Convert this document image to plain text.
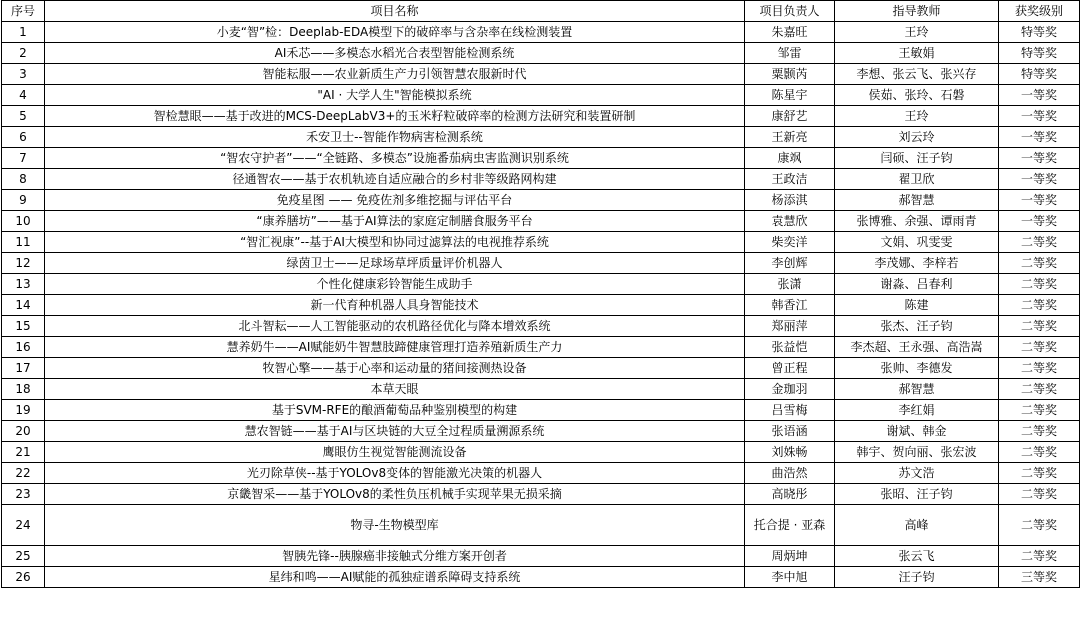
序号	项目名称	项目负责人	指导教师	获奖级别
1	小麦“智”检：Deeplab-EDA模型下的破碎率与含杂率在线检测装置	朱嘉旺	王玲	特等奖
2	AI禾芯——多模态水稻光合表型智能检测系统	邹雷	王敏娟	特等奖
3	智能耘服——农业新质生产力引领智慧农服新时代	粟颢芮	李想、张云飞、张兴存	特等奖
4	"AI · 大学人生"智能模拟系统	陈星宇	侯茹、张玲、石磐	一等奖
5	智检慧眼——基于改进的MCS-DeepLabV3+的玉米籽粒破碎率的检测方法研究和装置研制	康舒艺	王玲	一等奖
6	禾安卫士--智能作物病害检测系统	王新亮	刘云玲	一等奖
7	“智农守护者”——“全链路、多模态”设施番茄病虫害监测识别系统	康飒	闫硕、汪子钧	一等奖
8	径通智农——基于农机轨迹自适应融合的乡村非等级路网构建	王政洁	翟卫欣	一等奖
9	免疫星图 —— 免疫佐剂多维挖掘与评估平台	杨添淇	郝智慧	一等奖
10	“康养膳坊”——基于AI算法的家庭定制膳食服务平台	袁慧欣	张博雅、余强、谭雨青	一等奖
11	“智汇视康”--基于AI大模型和协同过滤算法的电视推荐系统	柴奕洋	文娟、巩雯雯	二等奖
12	绿茵卫士——足球场草坪质量评价机器人	李创辉	李茂娜、李梓若	二等奖
13	个性化健康彩铃智能生成助手	张潇	谢淼、吕春利	二等奖
14	新一代育种机器人具身智能技术	韩香江	陈建	二等奖
15	北斗智耘——人工智能驱动的农机路径优化与降本增效系统	郑丽萍	张杰、汪子钧	二等奖
16	慧养奶牛——AI赋能奶牛智慧肢蹄健康管理打造养殖新质生产力	张益恺	李杰超、王永强、高浩嵩	二等奖
17	牧智心擎——基于心率和运动量的猪间接测热设备	曾正程	张帅、李德发	二等奖
18	本草天眼	金珈羽	郝智慧	二等奖
19	基于SVM-RFE的酿酒葡萄品种鉴别模型的构建	吕雪梅	李红娟	二等奖
20	慧农智链——基于AI与区块链的大豆全过程质量溯源系统	张语涵	谢斌、韩金	二等奖
21	鹰眼仿生视觉智能测流设备	刘姝畅	韩宇、贺向丽、张宏波	二等奖
22	光刃除草侠--基于YOLOv8变体的智能激光决策的机器人	曲浩然	苏文浩	二等奖
23	京畿智采——基于YOLOv8的柔性负压机械手实现苹果无损采摘	高晓彤	张昭、汪子钧	二等奖
24	物寻-生物模型库	托合提 · 亚森	高峰	二等奖
25	智胰先锋--胰腺癌非接触式分维方案开创者	周炳坤	张云飞	二等奖
26	星纬和鸣——AI赋能的孤独症谱系障碍支持系统	李中旭	汪子钧	三等奖
